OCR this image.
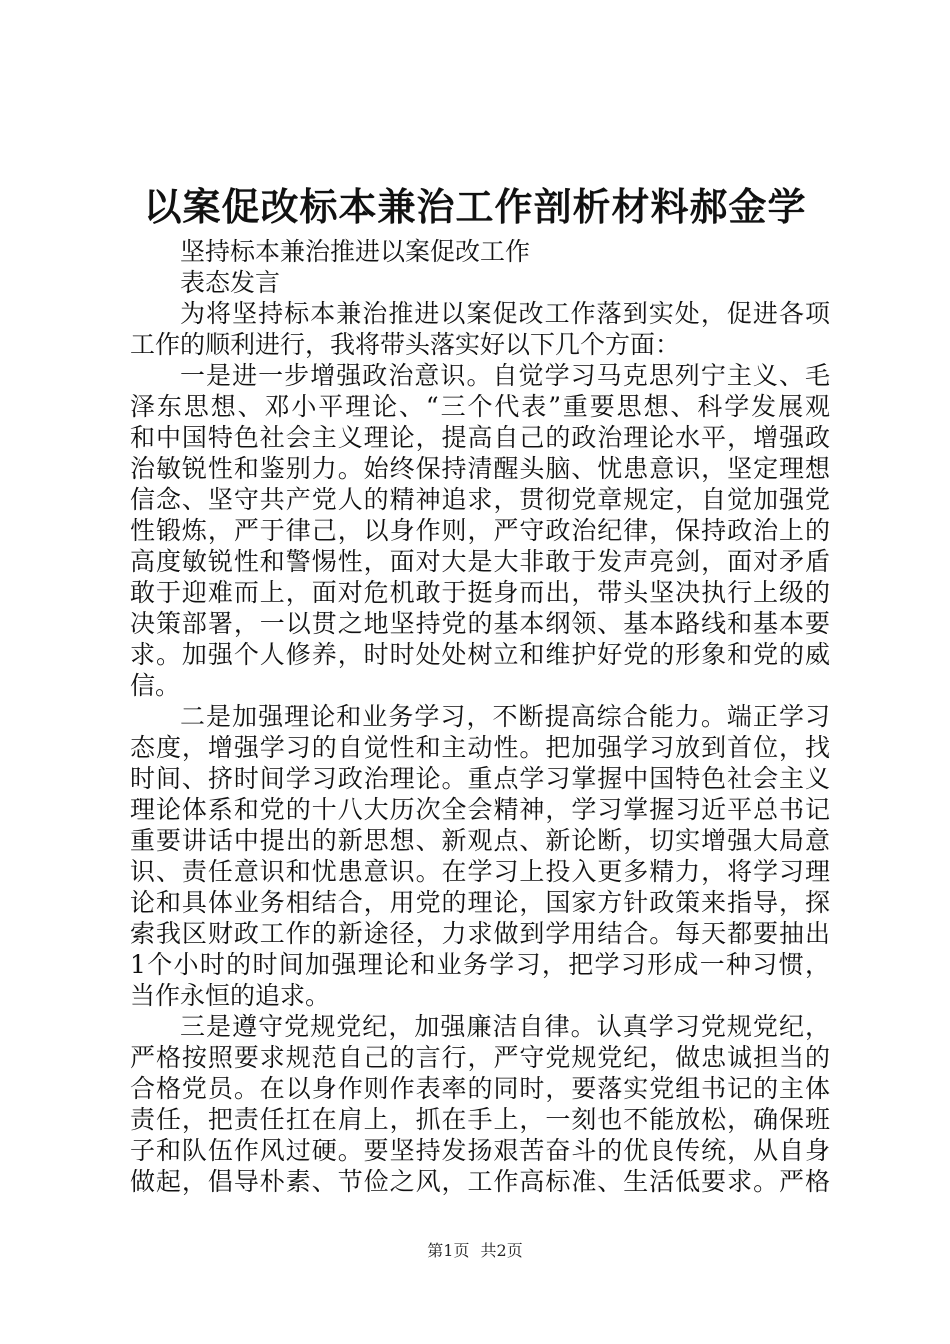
以案促改标本兼治工作剖析材料郝金学
坚持标本兼治推进以案促改工作
表态发言
为将坚持标本兼治推进以案促改工作落到实处，促进各项
工作的顺利进行，我将带头落实好以下几个方面：
一是进一步增强政治意识。自觉学习马克思列宁主义、毛
泽东思想、邓小平理论、“三个代表”重要思想、科学发展观
和中国特色社会主义理论，提高自己的政治理论水平，增强政
治敏锐性和鉴别力。始终保持清醒头脑、忧患意识，坚定理想
信念、坚守共产党人的精神追求，贯彻党章规定，自觉加强党
性锻炼，严于律己，以身作则，严守政治纪律，保持政治上的
高度敏锐性和警惕性，面对大是大非敢于发声亮剑，面对矛盾
敢于迎难而上，面对危机敢于挺身而出，带头坚决执行上级的
决策部署，一以贯之地坚持党的基本纲领、基本路线和基本要
求。加强个人修养，时时处处树立和维护好党的形象和党的威
信。
二是加强理论和业务学习，不断提高综合能力。端正学习
态度，增强学习的自觉性和主动性。把加强学习放到首位，找
时间、挤时间学习政治理论。重点学习掌握中国特色社会主义
理论体系和党的十八大历次全会精神，学习掌握习近平总书记
重要讲话中提出的新思想、新观点、新论断，切实增强大局意
识、责任意识和忧患意识。在学习上投入更多精力，将学习理
论和具体业务相结合，用党的理论，国家方针政策来指导，探
索我区财政工作的新途径，力求做到学用结合。每天都要抽出
1个小时的时间加强理论和业务学习，把学习形成一种习惯，
当作永恒的追求。
三是遵守党规党纪，加强廉洁自律。认真学习党规党纪，
严格按照要求规范自己的言行，严守党规党纪，做忠诚担当的
合格党员。在以身作则作表率的同时，要落实党组书记的主体
责任，把责任扛在肩上，抓在手上，一刻也不能放松，确保班
子和队伍作风过硬。要坚持发扬艰苦奋斗的优良传统，从自身
做起，倡导朴素、节俭之风，工作高标准、生活低要求。严格
第1页 共2页
